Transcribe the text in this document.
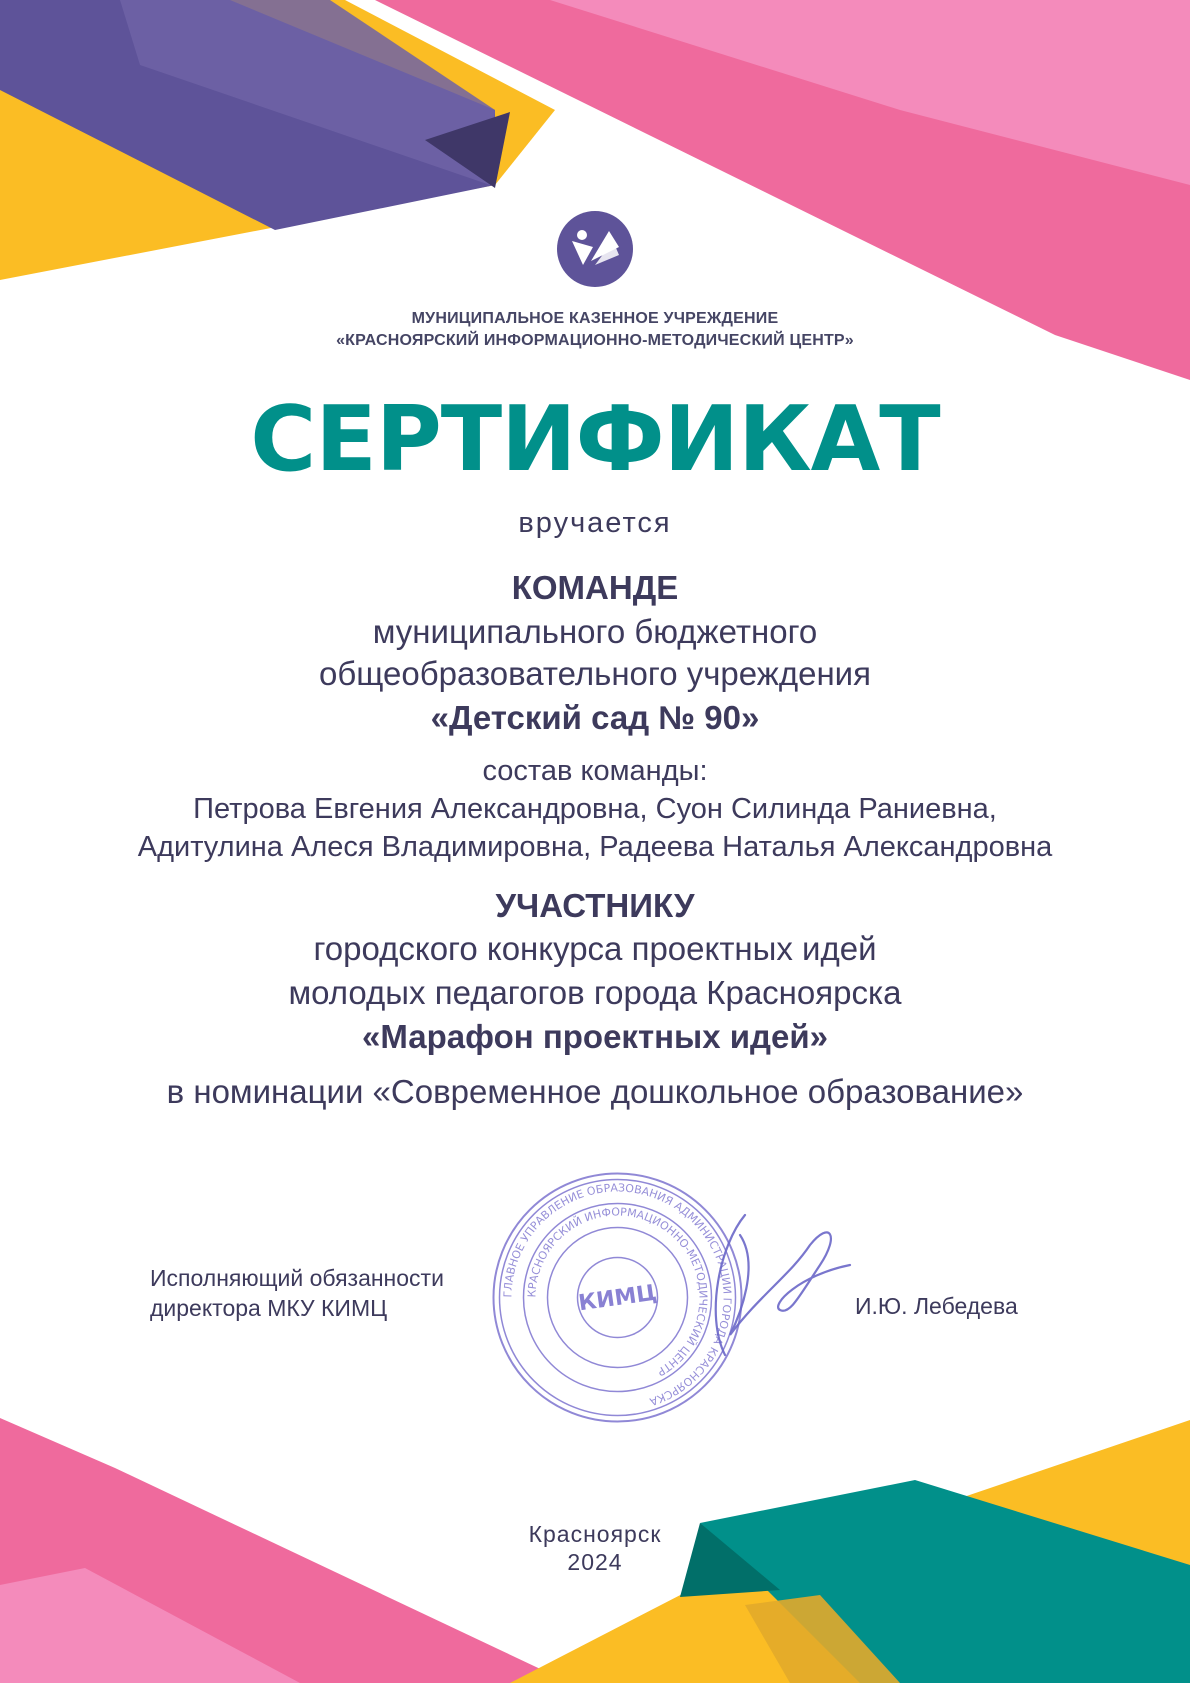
МУНИЦИПАЛЬНОЕ КАЗЕННОЕ УЧРЕЖДЕНИЕ
«КРАСНОЯРСКИЙ ИНФОРМАЦИОННО-МЕТОДИЧЕСКИЙ ЦЕНТР»
СЕРТИФИКАТ
вручается
КОМАНДЕ
муниципального бюджетного
общеобразовательного учреждения
«Детский сад № 90»
состав команды:
Петрова Евгения Александровна, Суон Силинда Раниевна,
Адитулина Алеся Владимировна, Радеева Наталья Александровна
УЧАСТНИКУ
городского конкурса проектных идей
молодых педагогов города Красноярска
«Марафон проектных идей»
в номинации «Современное дошкольное образование»
ГЛАВНОЕ УПРАВЛЕНИЕ ОБРАЗОВАНИЯ АДМИНИСТРАЦИИ ГОРОДА КРАСНОЯРСКА
КРАСНОЯРСКИЙ ИНФОРМАЦИОННО-МЕТОДИЧЕСКИЙ ЦЕНТР
КИМЦ
Исполняющий обязанности
директора МКУ КИМЦ	И.Ю. Лебедева
Красноярск
2024
